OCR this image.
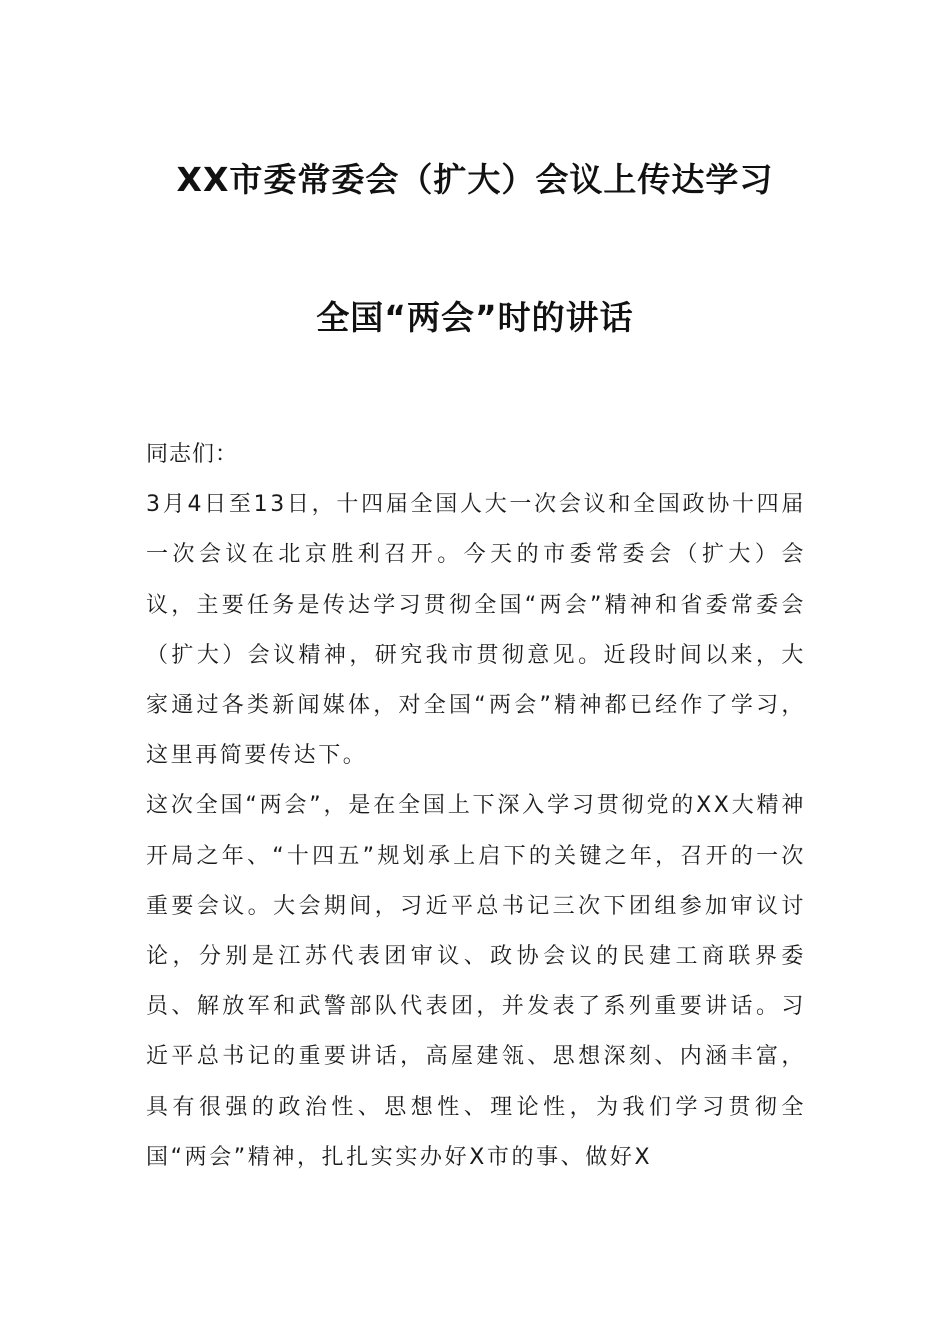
XX市委常委会（扩大）会议上传达学习
全国“两会”时的讲话

同志们：

3月4日至13日，十四届全国人大一次会议和全国政协十四届一次会议在北京胜利召开。今天的市委常委会（扩大）会议，主要任务是传达学习贯彻全国“两会”精神和省委常委会（扩大）会议精神，研究我市贯彻意见。近段时间以来，大家通过各类新闻媒体，对全国“两会”精神都已经作了学习，这里再简要传达下。

这次全国“两会”，是在全国上下深入学习贯彻党的XX大精神开局之年、“十四五”规划承上启下的关键之年，召开的一次重要会议。大会期间，习近平总书记三次下团组参加审议讨论，分别是江苏代表团审议、政协会议的民建工商联界委员、解放军和武警部队代表团，并发表了系列重要讲话。习近平总书记的重要讲话，高屋建瓴、思想深刻、内涵丰富，具有很强的政治性、思想性、理论性，为我们学习贯彻全国“两会”精神，扎扎实实办好X市的事、做好X
